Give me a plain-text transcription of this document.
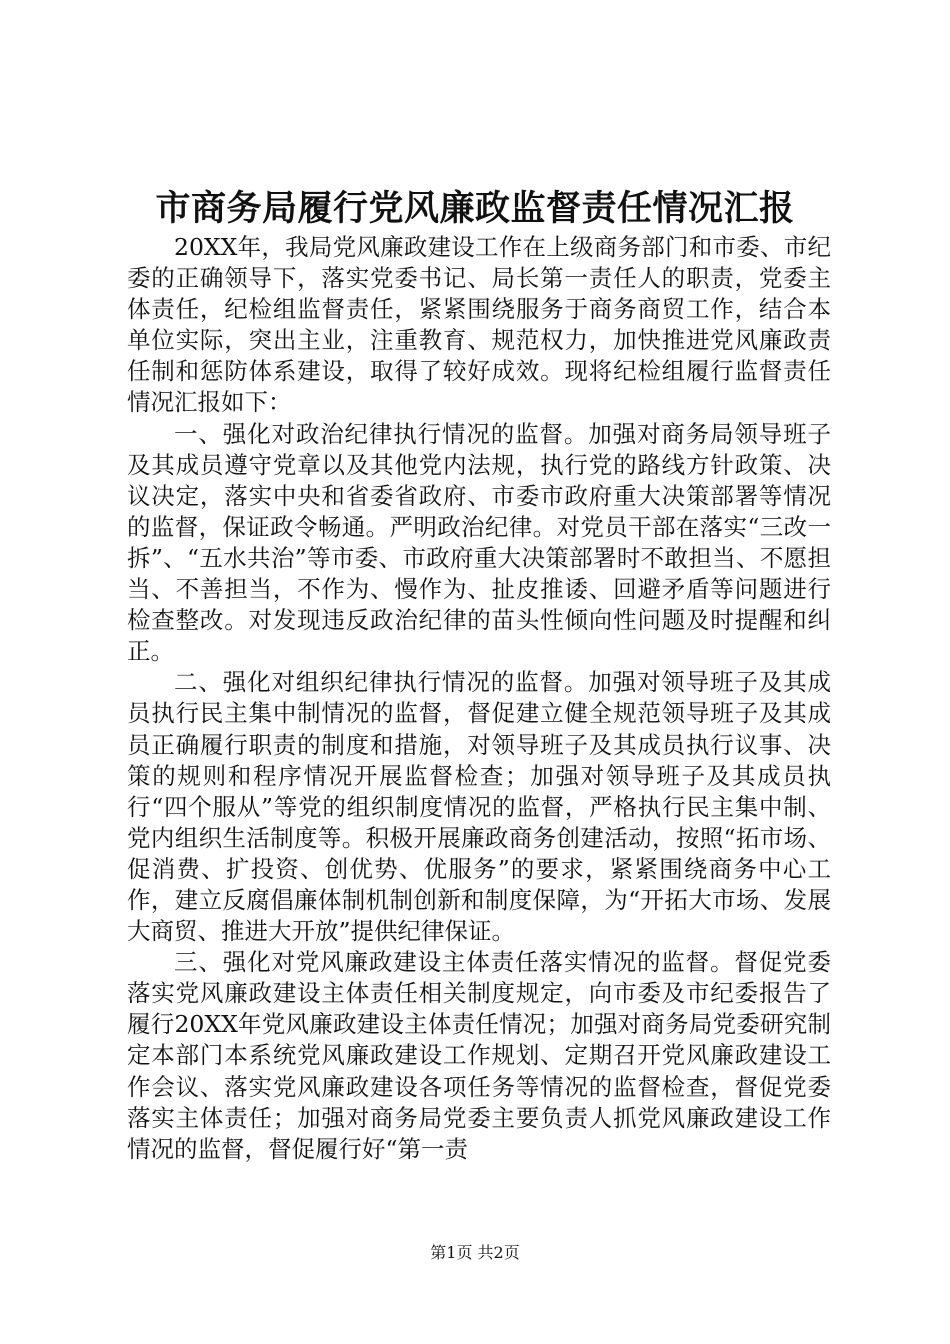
市商务局履行党风廉政监督责任情况汇报

20XX年，我局党风廉政建设工作在上级商务部门和市委、市纪委的正确领导下，落实党委书记、局长第一责任人的职责，党委主体责任，纪检组监督责任，紧紧围绕服务于商务商贸工作，结合本单位实际，突出主业，注重教育、规范权力，加快推进党风廉政责任制和惩防体系建设，取得了较好成效。现将纪检组履行监督责任情况汇报如下：

一、强化对政治纪律执行情况的监督。加强对商务局领导班子及其成员遵守党章以及其他党内法规，执行党的路线方针政策、决议决定，落实中央和省委省政府、市委市政府重大决策部署等情况的监督，保证政令畅通。严明政治纪律。对党员干部在落实“三改一拆”、“五水共治”等市委、市政府重大决策部署时不敢担当、不愿担当、不善担当，不作为、慢作为、扯皮推诿、回避矛盾等问题进行检查整改。对发现违反政治纪律的苗头性倾向性问题及时提醒和纠正。

二、强化对组织纪律执行情况的监督。加强对领导班子及其成员执行民主集中制情况的监督，督促建立健全规范领导班子及其成员正确履行职责的制度和措施，对领导班子及其成员执行议事、决策的规则和程序情况开展监督检查；加强对领导班子及其成员执行“四个服从”等党的组织制度情况的监督，严格执行民主集中制、党内组织生活制度等。积极开展廉政商务创建活动，按照“拓市场、促消费、扩投资、创优势、优服务”的要求，紧紧围绕商务中心工作，建立反腐倡廉体制机制创新和制度保障，为“开拓大市场、发展大商贸、推进大开放”提供纪律保证。

三、强化对党风廉政建设主体责任落实情况的监督。督促党委落实党风廉政建设主体责任相关制度规定，向市委及市纪委报告了履行20XX年党风廉政建设主体责任情况；加强对商务局党委研究制定本部门本系统党风廉政建设工作规划、定期召开党风廉政建设工作会议、落实党风廉政建设各项任务等情况的监督检查，督促党委落实主体责任；加强对商务局党委主要负责人抓党风廉政建设工作情况的监督，督促履行好“第一责

第1页 共2页
